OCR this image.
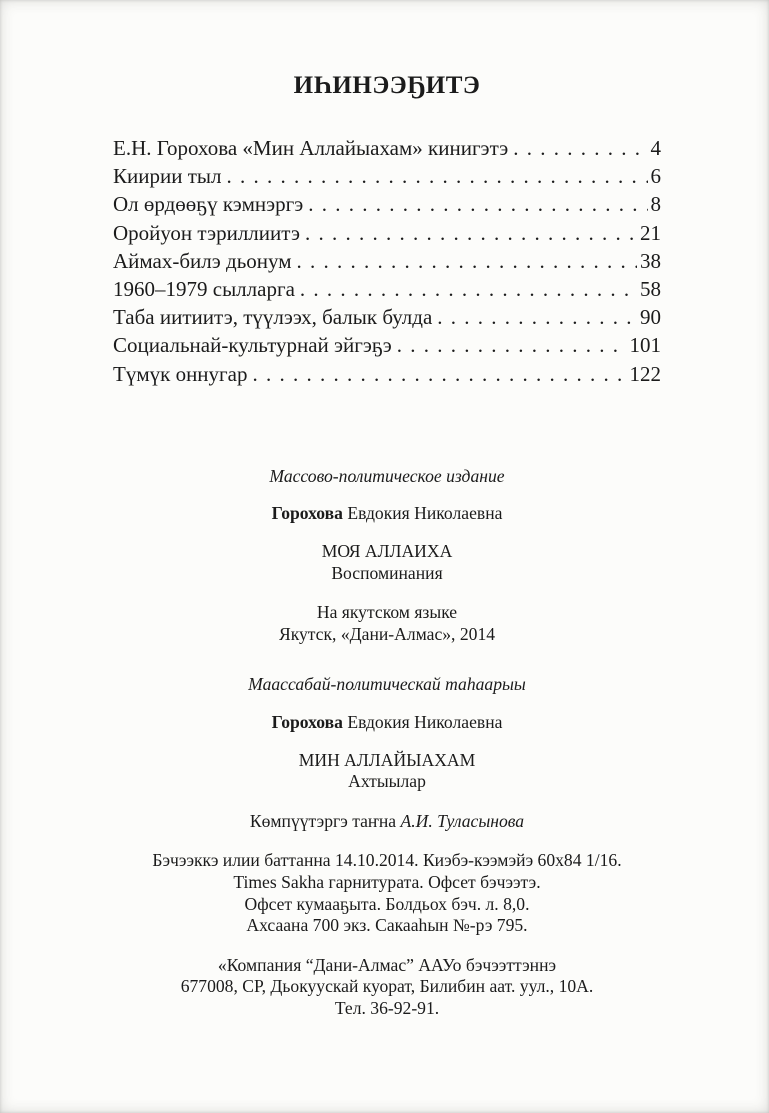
ИҺИНЭЭҔИТЭ
Е.Н. Горохова «Мин Аллайыахам» кинигэтэ . . .	4
Киирии тыл . . .	6
Ол өрдөөҕү кэмнэргэ . . .	8
Оройуон тэриллиитэ . . .	21
Аймах-билэ дьонум . . .	38
1960–1979 сылларга . . .	58
Таба иитиитэ, түүлээх, балык булда . . .	90
Социальнай-культурнай эйгэҕэ . . .	101
Түмүк оннугар . . .	122

Массово-политическое издание

Горохова Евдокия Николаевна

МОЯ АЛЛАИХА

Воспоминания

На якутском языке

Якутск, «Дани-Алмас», 2014

Маассабай-политическай таһаарыы

Горохова Евдокия Николаевна

МИН АЛЛАЙЫАХАМ

Ахтыылар

Көмпүүтэргэ таҥна А.И. Туласынова

Бэчээккэ илии баттанна 14.10.2014. Киэбэ-кээмэйэ 60х84 1/16.

Times Sakha гарнитурата. Офсет бэчээтэ.

Офсет кумааҕыта. Болдьох бэч. л. 8,0.

Ахсаана 700 экз. Сакааһын №-рэ 795.

«Компания “Дани-Алмас” ААУо бэчээттэннэ

677008, СР, Дьокуускай куорат, Билибин аат. уул., 10А.

Тел. 36-92-91.
